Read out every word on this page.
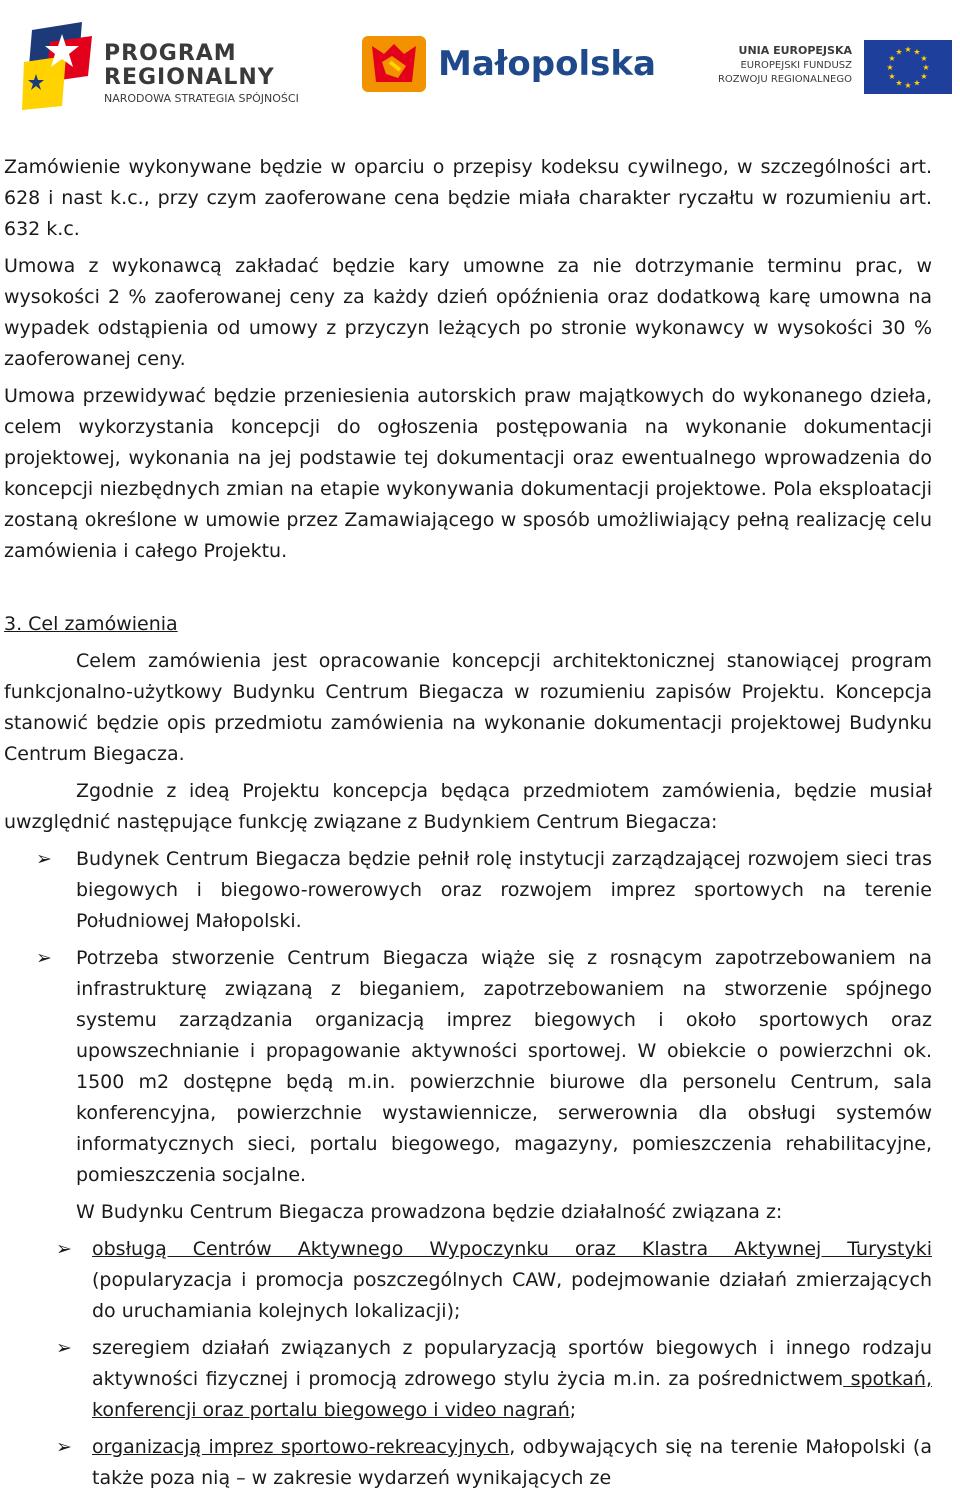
PROGRAM
REGIONALNY
NARODOWA STRATEGIA SPÓJNOŚCI
Małopolska	UNIA EUROPEJSKA
EUROPEJSKI FUNDUSZ
ROZWOJU REGIONALNEGO
★ ★
★
★
★
★
★
★
★
★
★
★

Zamówienie wykonywane będzie w oparciu o przepisy kodeksu cywilnego, w szczególności art. 628 i nast k.c., przy czym zaoferowane cena będzie miała charakter ryczałtu w rozumieniu art. 632 k.c.

Umowa z wykonawcą zakładać będzie kary umowne za nie dotrzymanie terminu prac, w wysokości 2 % zaoferowanej ceny za każdy dzień opóźnienia oraz dodatkową karę umowna na wypadek odstąpienia od umowy z przyczyn leżących po stronie wykonawcy w wysokości 30 % zaoferowanej ceny.

Umowa przewidywać będzie przeniesienia autorskich praw majątkowych do wykonanego dzieła, celem wykorzystania koncepcji do ogłoszenia postępowania na wykonanie dokumentacji projektowej, wykonania na jej podstawie tej dokumentacji oraz ewentualnego wprowadzenia do koncepcji niezbędnych zmian na etapie wykonywania dokumentacji projektowe. Pola eksploatacji zostaną określone w umowie przez Zamawiającego w sposób umożliwiający pełną realizację celu zamówienia i całego Projektu.

3. Cel zamówienia

Celem zamówienia jest opracowanie koncepcji architektonicznej stanowiącej program funkcjonalno-użytkowy Budynku Centrum Biegacza w rozumieniu zapisów Projektu. Koncepcja stanowić będzie opis przedmiotu zamówienia na wykonanie dokumentacji projektowej Budynku Centrum Biegacza.

Zgodnie z ideą Projektu koncepcja będąca przedmiotem zamówienia, będzie musiał uwzględnić następujące funkcję związane z Budynkiem Centrum Biegacza:

➢ Budynek Centrum Biegacza będzie pełnił rolę instytucji zarządzającej rozwojem sieci tras biegowych i biegowo-rowerowych oraz rozwojem imprez sportowych na terenie Południowej Małopolski.
➢ Potrzeba stworzenie Centrum Biegacza wiąże się z rosnącym zapotrzebowaniem na infrastrukturę związaną z bieganiem, zapotrzebowaniem na stworzenie spójnego systemu zarządzania organizacją imprez biegowych i około sportowych oraz upowszechnianie i propagowanie aktywności sportowej. W obiekcie o powierzchni ok. 1500 m2 dostępne będą m.in. powierzchnie biurowe dla personelu Centrum, sala konferencyjna, powierzchnie wystawiennicze, serwerownia dla obsługi systemów informatycznych sieci, portalu biegowego, magazyny, pomieszczenia rehabilitacyjne, pomieszczenia socjalne.

W Budynku Centrum Biegacza prowadzona będzie działalność związana z:

➢ obsługą Centrów Aktywnego Wypoczynku oraz Klastra Aktywnej Turystyki (popularyzacja i promocja poszczególnych CAW, podejmowanie działań zmierzających do uruchamiania kolejnych lokalizacji);
➢ szeregiem działań związanych z popularyzacją sportów biegowych i innego rodzaju aktywności fizycznej i promocją zdrowego stylu życia m.in. za pośrednictwem spotkań, konferencji oraz portalu biegowego i video nagrań;
➢ organizacją imprez sportowo-rekreacyjnych, odbywających się na terenie Małopolski (a także poza nią – w zakresie wydarzeń wynikających ze
